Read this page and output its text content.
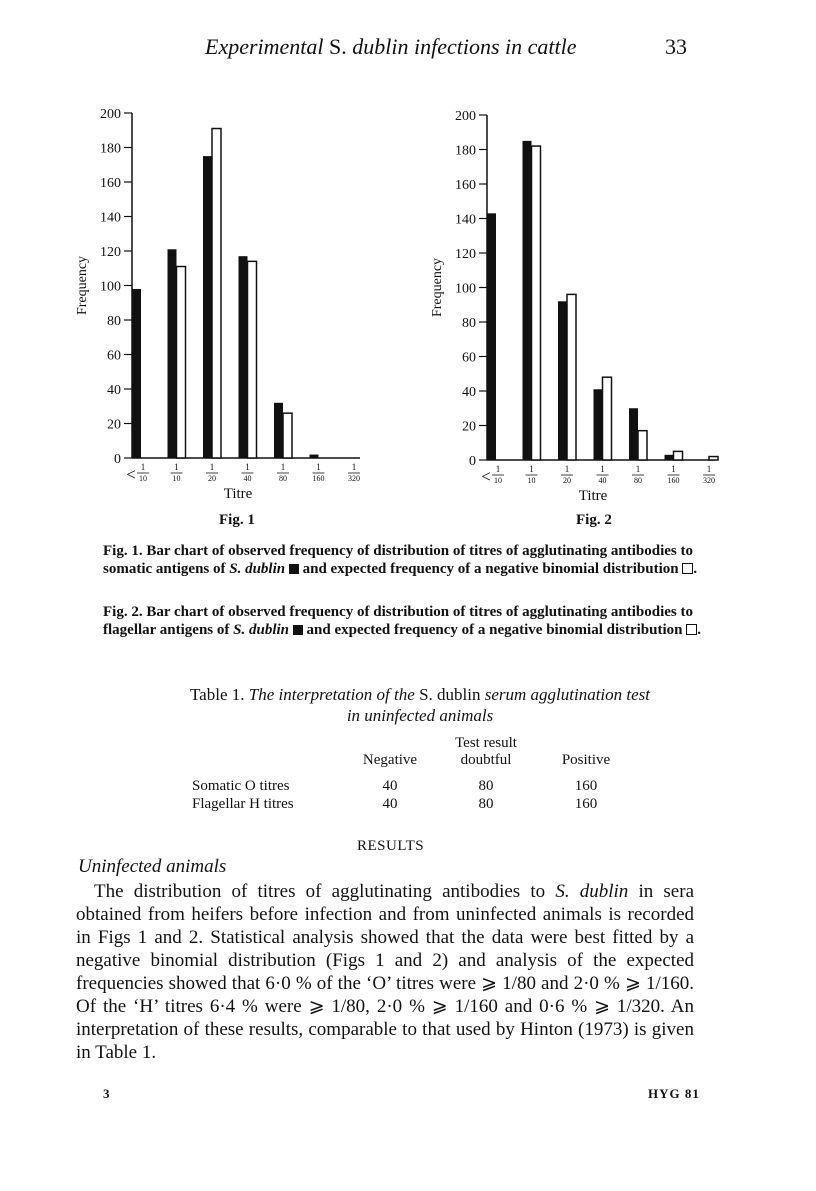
Experimental S. dublin infections in cattle	33
0
20
40
60
80
100
120
140
160
180
200
Frequency
< 1
10
1
10
1
20
1
40
1
80
1
160
1
320
Titre
0
20
40
60
80
100
120
140
160
180
200
Frequency
< 1
10
1
10
1
20
1
40
1
80
1
160
1
320
Titre
Fig. 1	Fig. 2
Fig. 1. Bar chart of observed frequency of distribution of titres of agglutinating antibodies to somatic antigens of S. dublin  and expected frequency of a negative binomial distribution .
Fig. 2. Bar chart of observed frequency of distribution of titres of agglutinating antibodies to flagellar antigens of S. dublin  and expected frequency of a negative binomial distribution .
Table 1. The interpretation of the S. dublin serum agglutination test
in uninfected animals
Test result
Negative	doubtful	Positive
Somatic O titres	40	80	160
Flagellar H titres	40	80	160
RESULTS
Uninfected animals
The distribution of titres of agglutinating antibodies to S. dublin in sera obtained from heifers before infection and from uninfected animals is recorded in Figs 1 and 2. Statistical analysis showed that the data were best fitted by a negative binomial distribution (Figs 1 and 2) and analysis of the expected frequencies showed that 6·0 % of the ‘O’ titres were ⩾ 1/80 and 2·0 % ⩾ 1/160. Of the ‘H’ titres 6·4 % were ⩾ 1/80, 2·0 % ⩾ 1/160 and 0·6 % ⩾ 1/320. An interpretation of these results, comparable to that used by Hinton (1973) is given in Table 1.
3	HYG 81
